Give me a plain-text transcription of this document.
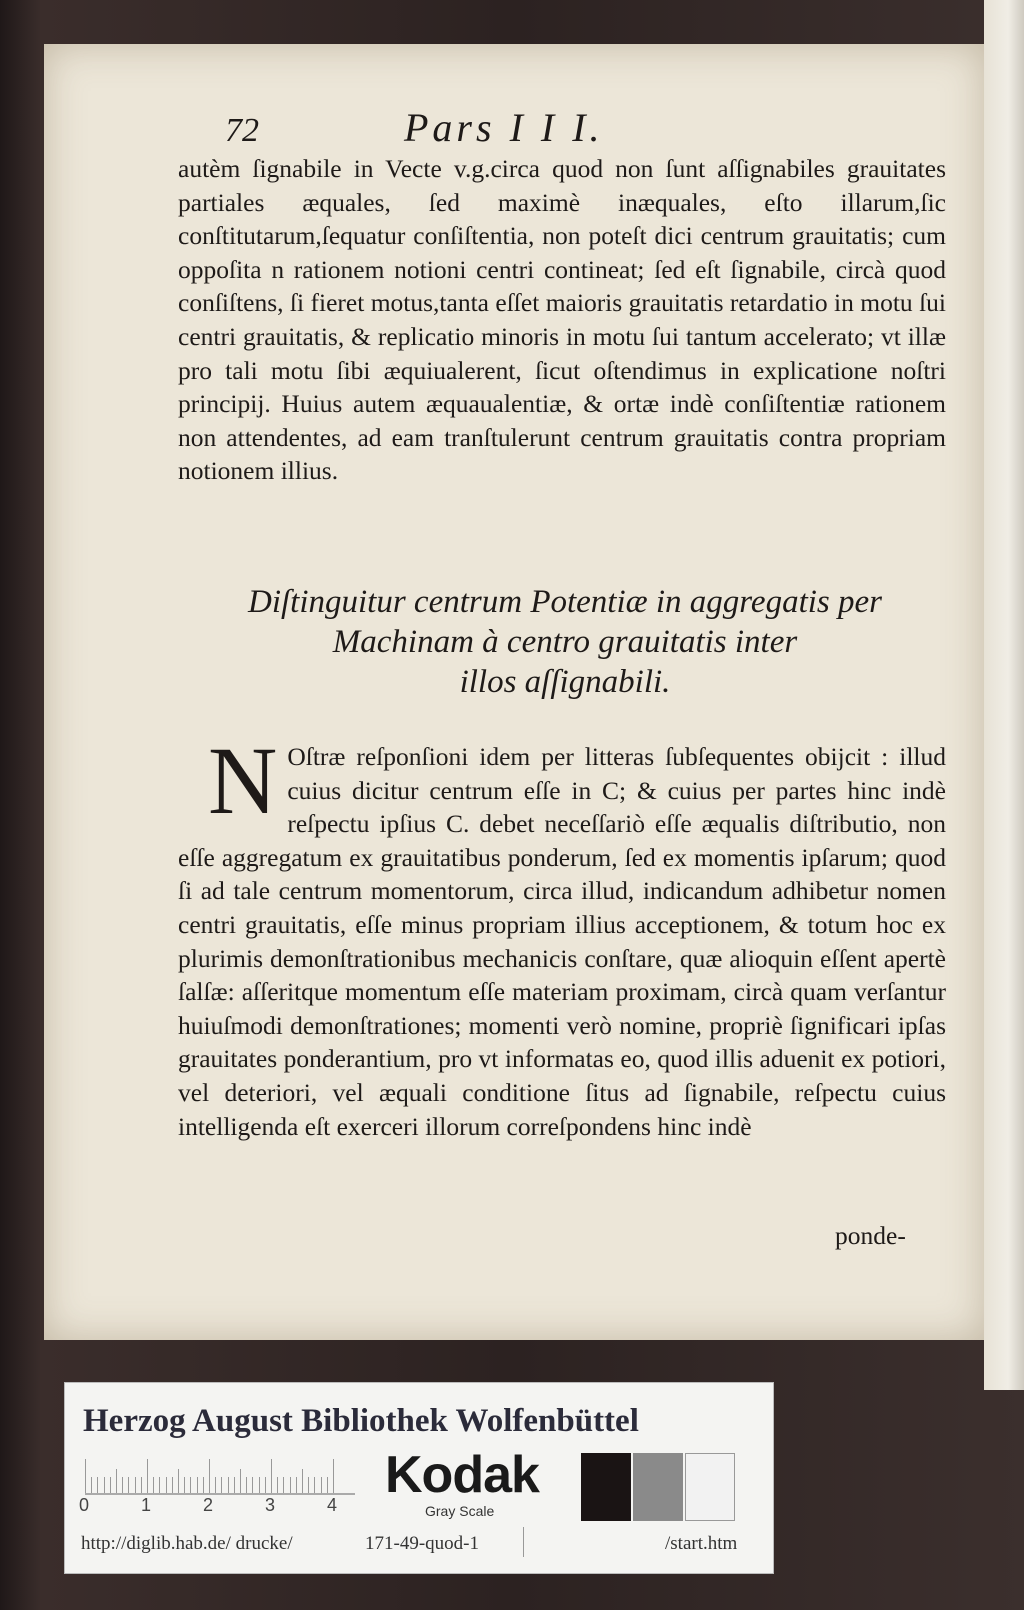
72	Pars I I I.
autèm ſignabile in Vecte v.g.circa quod non ſunt aſſignabiles grauitates partiales æquales, ſed maximè inæquales, eſto illarum,ſic conſtitutarum,ſequatur conſiſtentia, non poteſt dici centrum grauitatis; cum oppoſita n rationem notioni centri contineat; ſed eſt ſignabile, circà quod conſiſtens, ſi fieret motus,tanta eſſet maioris grauitatis retardatio in motu ſui centri grauitatis, & replicatio minoris in motu ſui tantum accelerato; vt illæ pro tali motu ſibi æquiualerent, ſicut oſtendimus in explicatione noſtri principij. Huius autem æquaualentiæ, & ortæ indè conſiſtentiæ rationem non attendentes, ad eam tranſtulerunt centrum grauitatis contra propriam notionem illius.
Diſtinguitur centrum Potentiæ in aggregatis per
Machinam à centro grauitatis inter
illos aſſignabili.
N Oſtræ reſponſioni idem per litteras ſubſequentes obijcit : illud cuius dicitur centrum eſſe in C; & cuius per partes hinc indè reſpectu ipſius C. debet neceſſariò eſſe æqualis diſtributio, non eſſe aggregatum ex grauitatibus ponderum, ſed ex momentis ipſarum; quod ſi ad tale centrum momentorum, circa illud, indicandum adhibetur nomen centri grauitatis, eſſe minus propriam illius acceptionem, & totum hoc ex plurimis demonſtrationibus mechanicis conſtare, quæ alioquin eſſent apertè ſalſæ: aſſeritque momentum eſſe materiam proximam, circà quam verſantur huiuſmodi demonſtrationes; momenti verò nomine, propriè ſignificari ipſas grauitates ponderantium, pro vt informatas eo, quod illis aduenit ex potiori, vel deteriori, vel æquali conditione ſitus ad ſignabile, reſpectu cuius intelligenda eſt exerceri illorum correſpondens hinc indè
ponde-
Herzog August Bibliothek Wolfenbüttel
0	1	2	3	4
Kodak
Gray Scale
http://diglib.hab.de/ drucke/	171-49-quod-1	/start.htm
